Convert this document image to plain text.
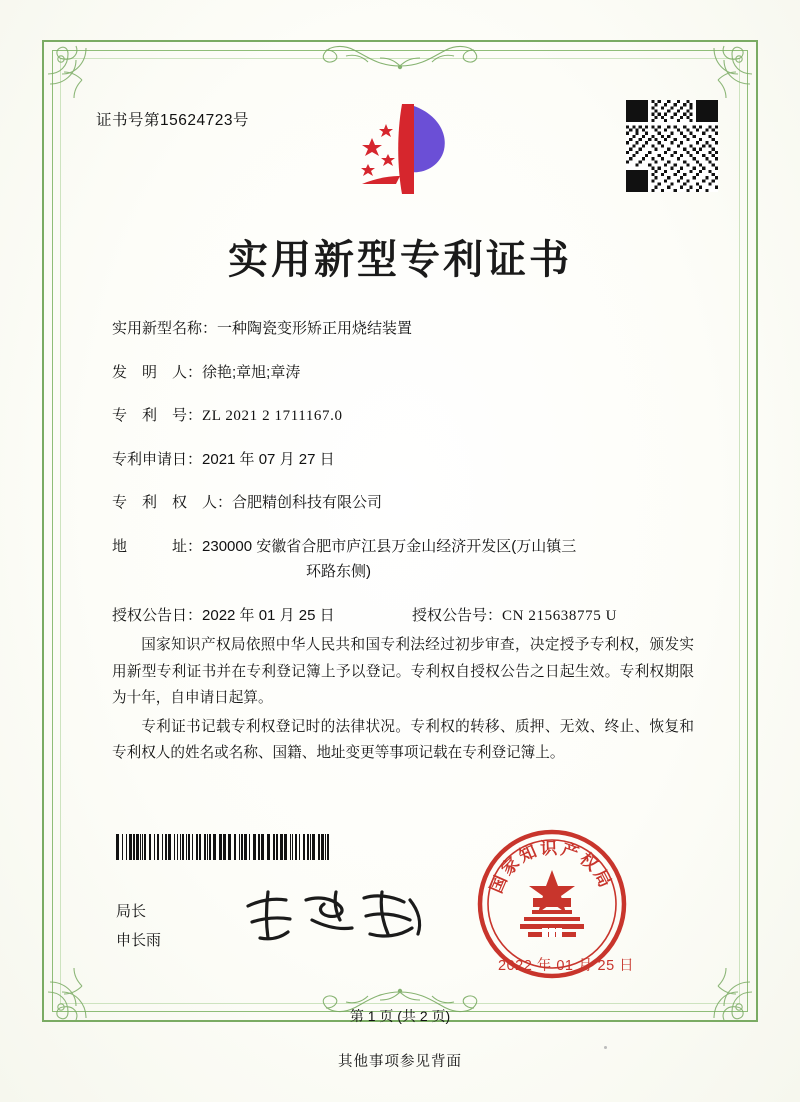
证书号第15624723号
实用新型专利证书
实用新型名称： 一种陶瓷变形矫正用烧结装置
发　明　人： 徐艳;章旭;章涛
专　利　号： ZL 2021 2 1711167.0
专利申请日： 2021 年 07 月 27 日
专　利　权　人： 合肥精创科技有限公司
地　　　址： 230000 安徽省合肥市庐江县万金山经济开发区(万山镇三
环路东侧)
授权公告日： 2022 年 01 月 25 日	授权公告号： CN 215638775 U

国家知识产权局依照中华人民共和国专利法经过初步审查，决定授予专利权，颁发实用新型专利证书并在专利登记簿上予以登记。专利权自授权公告之日起生效。专利权期限为十年，自申请日起算。

专利证书记载专利权登记时的法律状况。专利权的转移、质押、无效、终止、恢复和专利权人的姓名或名称、国籍、地址变更等事项记载在专利登记簿上。

局长
申长雨
国家知识产权局
2022 年 01 月 25 日
第 1 页 (共 2 页)
其他事项参见背面
